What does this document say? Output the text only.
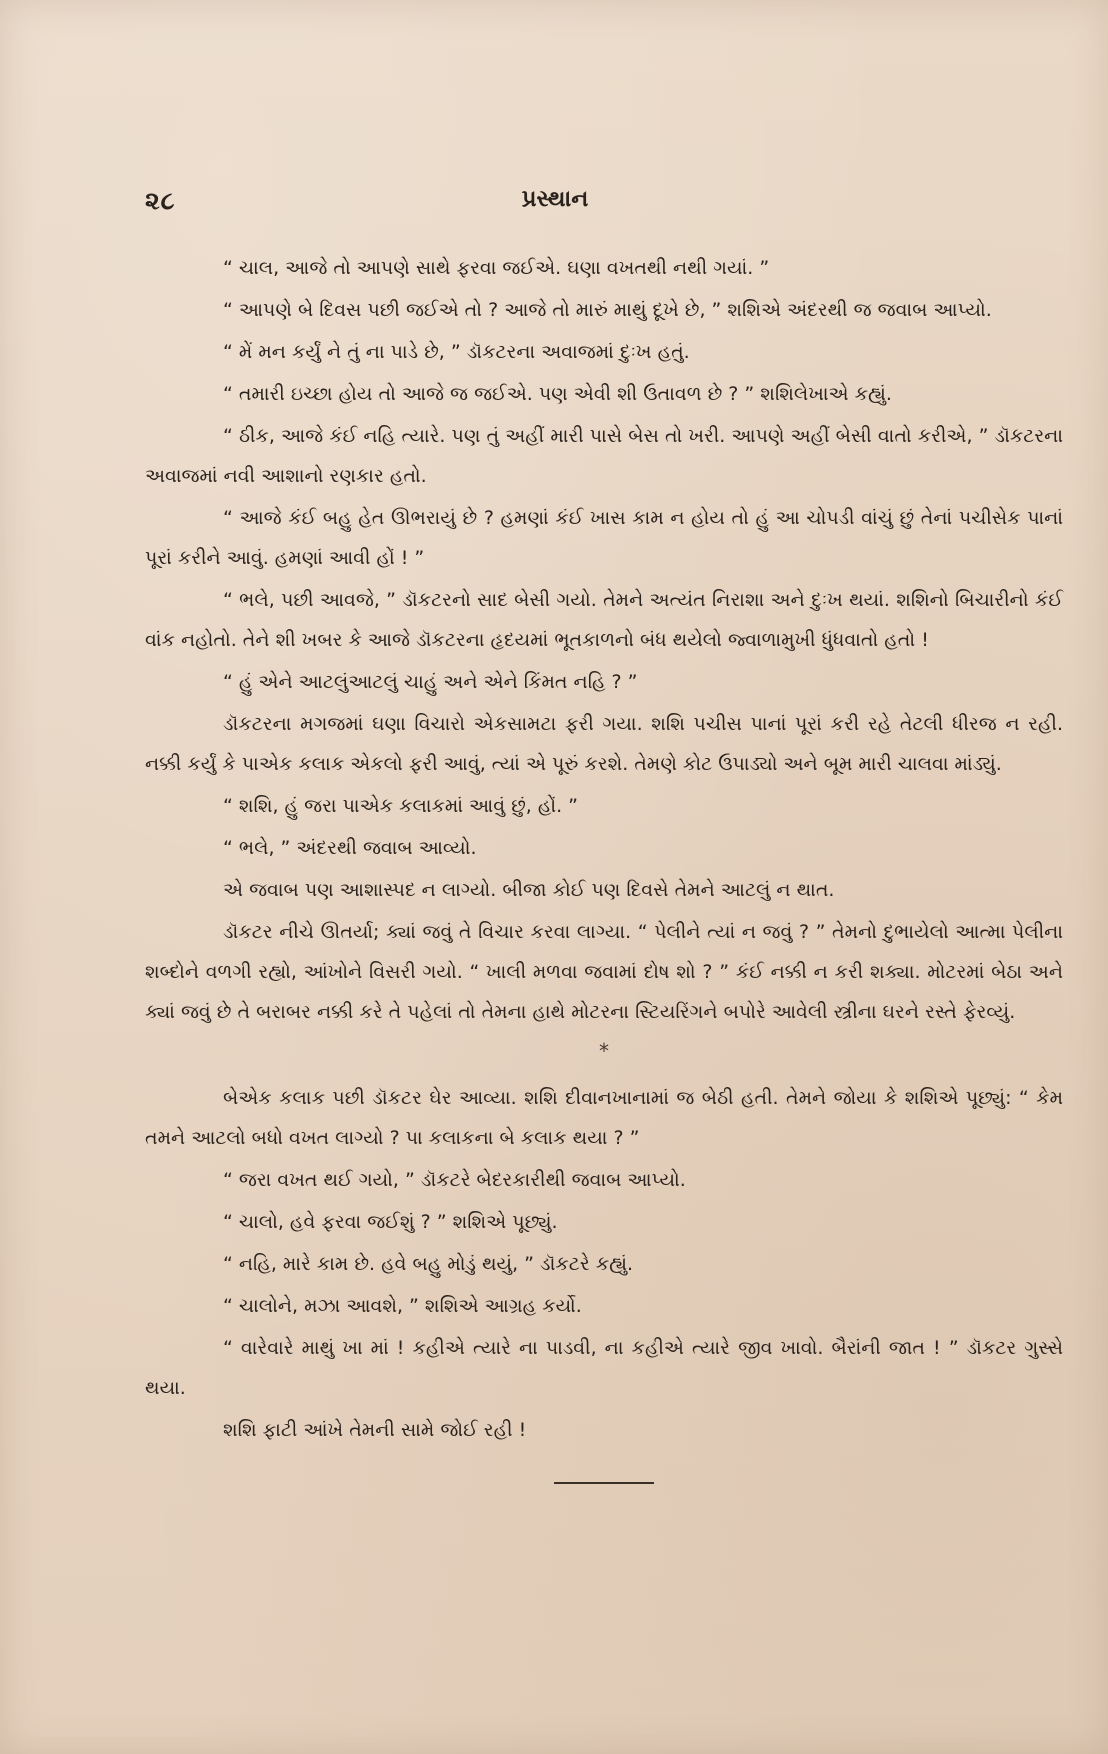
પ્રસ્થાન
૨૮

“ ચાલ, આજે તો આપણે સાથે ફરવા જઈએ. ઘણા વખતથી નથી ગયાં. ”

“ આપણે બે દિવસ પછી જઈએ તો ? આજે તો મારું માથું દૂખે છે, ” શશિએ અંદરથી જ જવાબ આપ્યો.

“ મેં મન કર્યું ને તું ના પાડે છે, ” ડૉકટરના અવાજમાં દુઃખ હતું.

“ તમારી ઇચ્છા હોય તો આજે જ જઈએ. પણ એવી શી ઉતાવળ છે ? ” શશિલેખાએ કહ્યું.

“ ઠીક, આજે કંઈ નહિ ત્યારે. પણ તું અહીં મારી પાસે બેસ તો ખરી. આપણે અહીં બેસી વાતો કરીએ, ” ડૉકટરના અવાજમાં નવી આશાનો રણકાર હતો.

“ આજે કંઈ બહુ હેત ઊભરાયું છે ? હમણાં કંઈ ખાસ કામ ન હોય તો હું આ ચોપડી વાંચું છું તેનાં પચીસેક પાનાં પૂરાં કરીને આવું. હમણાં આવી હોં ! ”

“ ભલે, પછી આવજે, ” ડૉકટરનો સાદ બેસી ગયો. તેમને અત્યંત નિરાશા અને દુઃખ થયાં. શશિનો બિચારીનો કંઈ વાંક નહોતો. તેને શી ખબર કે આજે ડૉકટરના હૃદયમાં ભૂતકાળનો બંધ થયેલો જ્વાળામુખી ધુંધવાતો હતો !

“ હું એને આટલુંઆટલું ચાહું અને એને કિંમત નહિ ? ”

ડૉકટરના મગજમાં ઘણા વિચારો એકસામટા ફરી ગયા. શશિ પચીસ પાનાં પૂરાં કરી રહે તેટલી ધીરજ ન રહી. નક્કી કર્યું કે પાએક કલાક એકલો ફરી આવું, ત્યાં એ પૂરું કરશે. તેમણે કોટ ઉપાડ્યો અને બૂમ મારી ચાલવા માંડ્યું.

“ શશિ, હું જરા પાએક કલાકમાં આવું છું, હોં. ”

“ ભલે, ” અંદરથી જવાબ આવ્યો.

એ જવાબ પણ આશાસ્પદ ન લાગ્યો. બીજા કોઈ પણ દિવસે તેમને આટલું ન થાત.

ડૉકટર નીચે ઊતર્યા; ક્યાં જવું તે વિચાર કરવા લાગ્યા. “ પેલીને ત્યાં ન જવું ? ” તેમનો દુભાયેલો આત્મા પેલીના શબ્દોને વળગી રહ્યો, આંખોને વિસરી ગયો. “ ખાલી મળવા જવામાં દોષ શો ? ” કંઈ નક્કી ન કરી શક્યા. મોટરમાં બેઠા અને ક્યાં જવું છે તે બરાબર નક્કી કરે તે પહેલાં તો તેમના હાથે મોટરના સ્ટિયરિંગને બપોરે આવેલી સ્ત્રીના ઘરને રસ્તે ફેરવ્યું.

*

બેએક કલાક પછી ડૉકટર ઘેર આવ્યા. શશિ દીવાનખાનામાં જ બેઠી હતી. તેમને જોયા કે શશિએ પૂછ્યું: “ કેમ તમને આટલો બધો વખત લાગ્યો ? પા કલાકના બે કલાક થયા ? ”

“ જરા વખત થઈ ગયો, ” ડૉકટરે બેદરકારીથી જવાબ આપ્યો.

“ ચાલો, હવે ફરવા જઈશું ? ” શશિએ પૂછ્યું.

“ નહિ, મારે કામ છે. હવે બહુ મોડું થયું, ” ડૉકટરે કહ્યું.

“ ચાલોને, મઝા આવશે, ” શશિએ આગ્રહ કર્યો.

“ વારેવારે માથું ખા માં ! કહીએ ત્યારે ના પાડવી, ના કહીએ ત્યારે જીવ ખાવો. બૈરાંની જાત ! ” ડૉકટર ગુસ્સે થયા.

શશિ ફાટી આંખે તેમની સામે જોઈ રહી !
